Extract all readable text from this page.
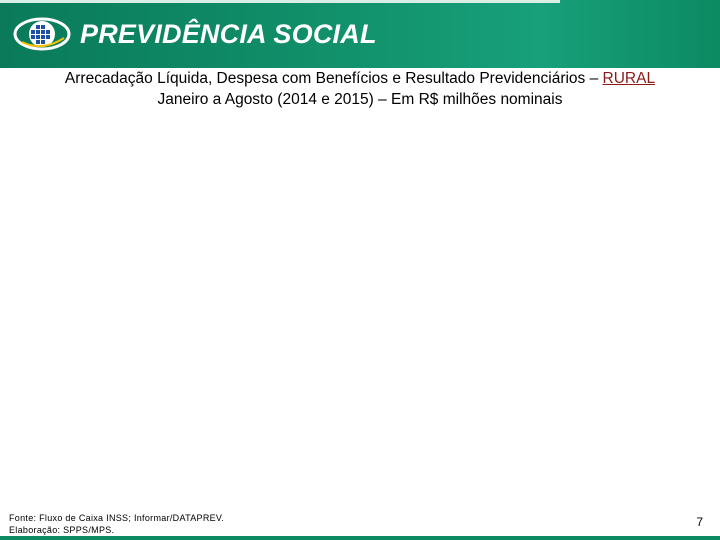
PREVIDÊNCIA SOCIAL
Arrecadação Líquida, Despesa com Benefícios e Resultado Previdenciários – RURAL
Janeiro a Agosto (2014 e 2015) – Em R$ milhões nominais
Fonte: Fluxo de Caixa INSS; Informar/DATAPREV.
Elaboração: SPPS/MPS.
7
